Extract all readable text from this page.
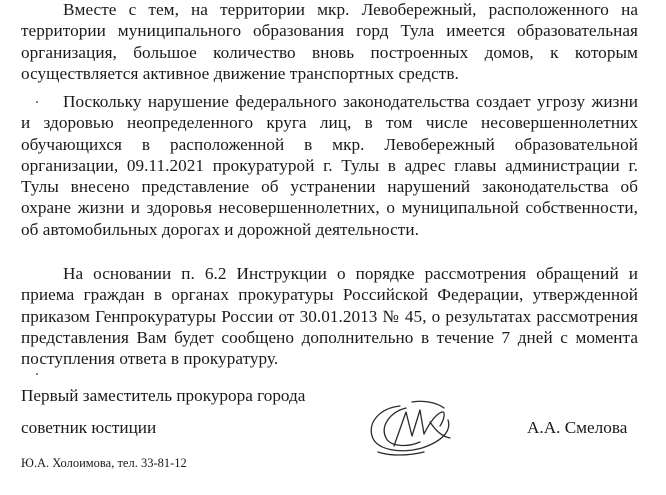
Вместе с тем, на территории мкр. Левобережный, расположенного на территории муниципального образования горд Тула имеется образовательная организация, большое количество вновь построенных домов, к которым осуществляется активное движение транспортных средств.

Поскольку нарушение федерального законодательства создает угрозу жизни и здоровью неопределенного круга лиц, в том числе несовершеннолетних обучающихся в расположенной в мкр. Левобережный образовательной организации, 09.11.2021 прокуратурой г. Тулы в адрес главы администрации г. Тулы внесено представление об устранении нарушений законодательства об охране жизни и здоровья несовершеннолетних, о муниципальной собственности, об автомобильных дорогах и дорожной деятельности.

На основании п. 6.2 Инструкции о порядке рассмотрения обращений и приема граждан в органах прокуратуры Российской Федерации, утвержденной приказом Генпрокуратуры России от 30.01.2013 № 45, о результатах рассмотрения представления Вам будет сообщено дополнительно в течение 7 дней с момента поступления ответа в прокуратуру.

Первый заместитель прокурора города
советник юстиции	А.А. Смелова
Ю.А. Холоимова, тел. 33-81-12
